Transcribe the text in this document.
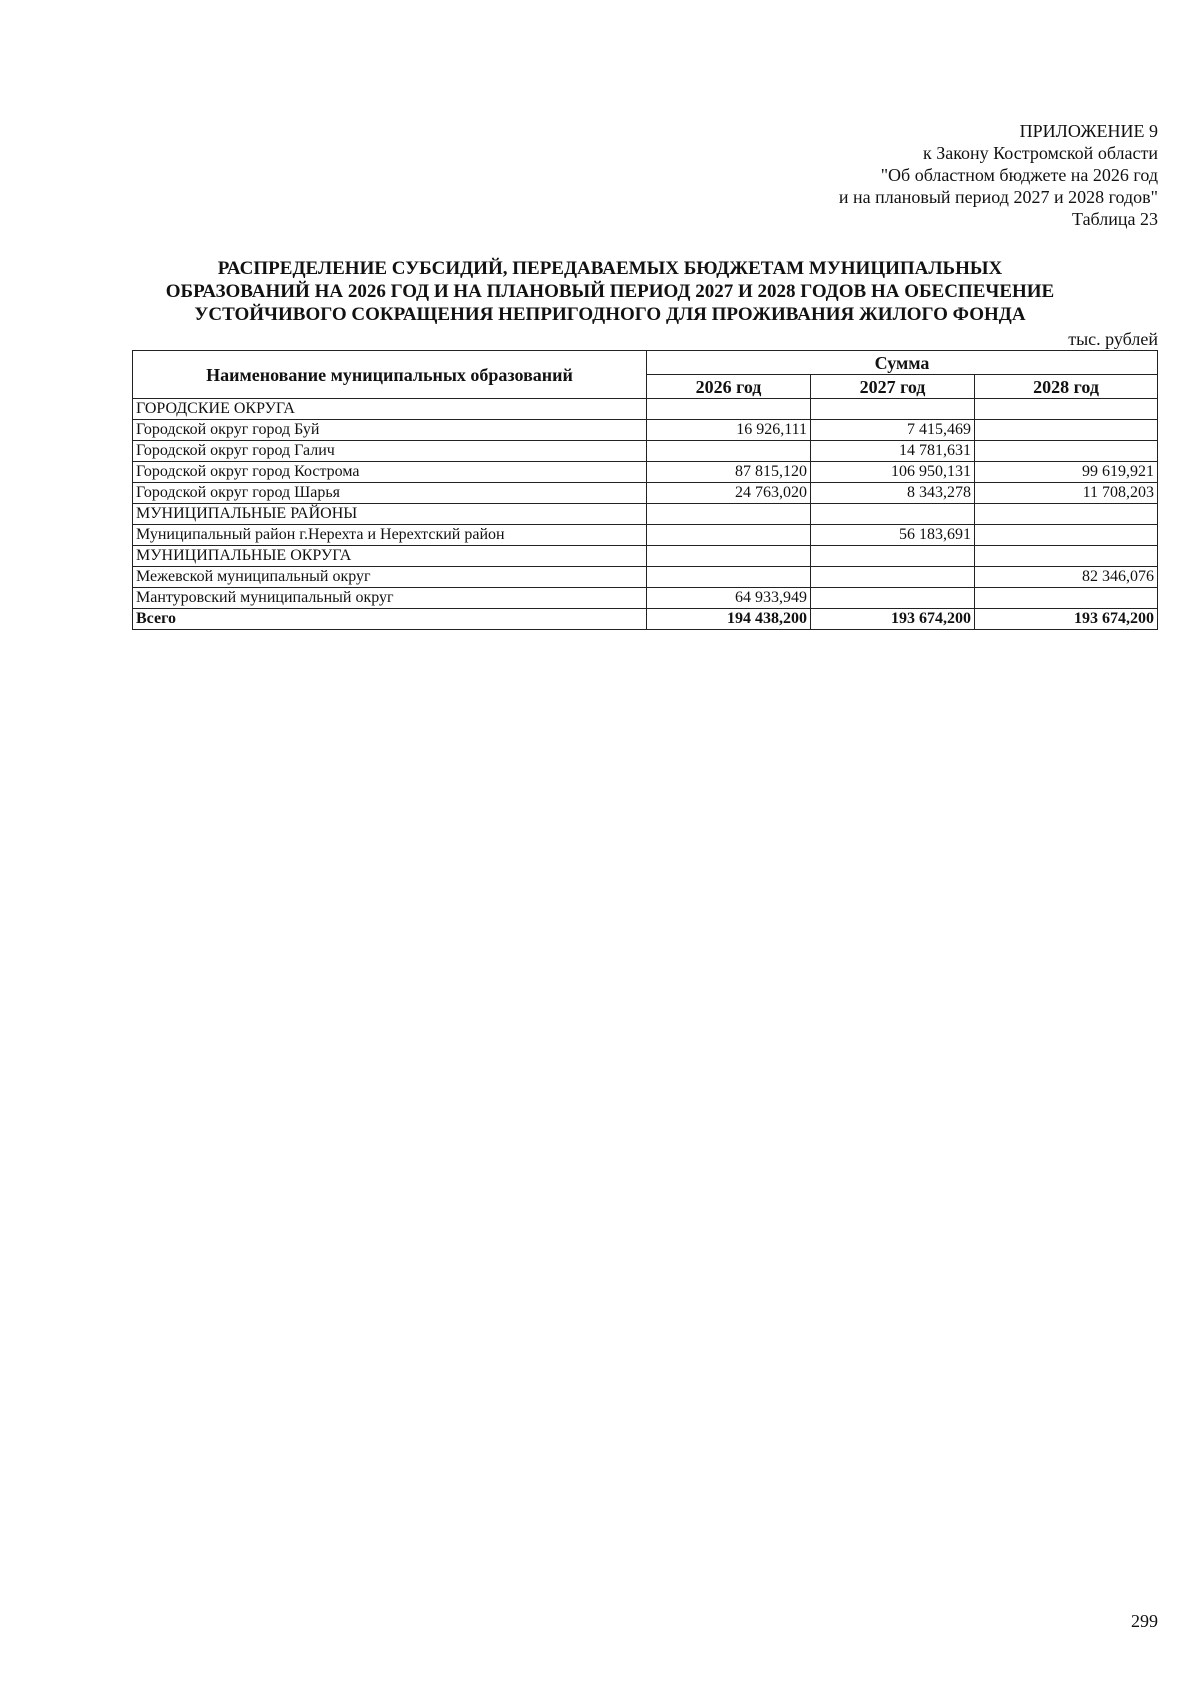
ПРИЛОЖЕНИЕ 9
к Закону Костромской области
"Об областном бюджете на 2026 год
и на плановый период 2027 и 2028 годов"
Таблица 23
РАСПРЕДЕЛЕНИЕ СУБСИДИЙ, ПЕРЕДАВАЕМЫХ БЮДЖЕТАМ МУНИЦИПАЛЬНЫХ
ОБРАЗОВАНИЙ НА 2026 ГОД И НА ПЛАНОВЫЙ ПЕРИОД 2027 И 2028 ГОДОВ НА ОБЕСПЕЧЕНИЕ
УСТОЙЧИВОГО СОКРАЩЕНИЯ НЕПРИГОДНОГО ДЛЯ ПРОЖИВАНИЯ ЖИЛОГО ФОНДА
тыс. рублей
Наименование муниципальных образований	Сумма		
	2026 год	2027 год	2028 год
ГОРОДСКИЕ ОКРУГА			
Городской округ город Буй	16 926,111	7 415,469	
Городской округ город Галич		14 781,631	
Городской округ город Кострома	87 815,120	106 950,131	99 619,921
Городской округ город Шарья	24 763,020	8 343,278	11 708,203
МУНИЦИПАЛЬНЫЕ РАЙОНЫ			
Муниципальный район г.Нерехта и Нерехтский район		56 183,691	
МУНИЦИПАЛЬНЫЕ ОКРУГА			
Межевской муниципальный округ			82 346,076
Мантуровский муниципальный округ	64 933,949		
Всего	194 438,200	193 674,200	193 674,200
299
